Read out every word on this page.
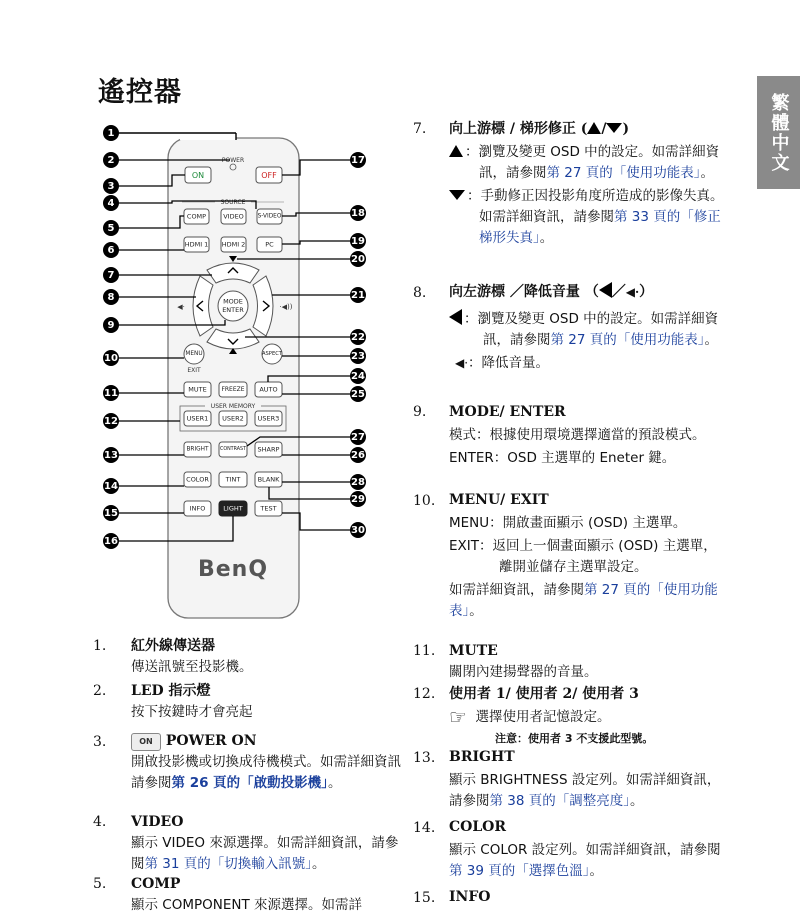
遙控器	繁體中文
POWER
ON	OFF
SOURCE
COMP	VIDEO S-VIDEO
HDMI 1 HDMI 2	PC
MODE
ENTER
◀·	·◀))
MENU
EXIT
ASPECT
MUTE FREEZE AUTO
USER MEMORY
USER1 USER2 USER3
BRIGHT CONTRAST SHARP
COLOR	TINT	BLANK
INFO	LIGHT	TEST
BenQ
1
2
3
4
5
6
7
8
9
10
11
12
13
14
15
16
17
18
19
20
21
22
23
24
25
27
26
28
29
30
1. 紅外線傳送器
傳送訊號至投影機。
2. LED 指示燈
按下按鍵時才會亮起
3.	ON POWER ON
開啟投影機或切換成待機模式。如需詳細資訊請參閱第 26 頁的「啟動投影機」。
4. VIDEO
顯示 VIDEO 來源選擇。如需詳細資訊，請參閱第 31 頁的「切換輸入訊號」。
5. COMP
顯示 COMPONENT 來源選擇。如需詳
7. 向上游標 / 梯形修正 ( / )
：瀏覽及變更 OSD 中的設定。如需詳細資訊，請參閱第 27 頁的「使用功能表」。
：手動修正因投影角度所造成的影像失真。如需詳細資訊，請參閱第 33 頁的「修正梯形失真」。
8. 向左游標 ／降低音量 （ ／◀·）
：瀏覽及變更 OSD 中的設定。如需詳細資訊，請參閱第 27 頁的「使用功能表」。
◀·：降低音量。
9. MODE/ ENTER
模式：根據使用環境選擇適當的預設模式。
ENTER：OSD 主選單的 Eneter 鍵。
10. MENU/ EXIT
MENU：開啟畫面顯示 (OSD) 主選單。
EXIT：返回上一個畫面顯示 (OSD) 主選單，離開並儲存主選單設定。
如需詳細資訊，請參閱第 27 頁的「使用功能表」。
11. MUTE
關閉內建揚聲器的音量。
12. 使用者 1/ 使用者 2/ 使用者 3
☞ 選擇使用者記憶設定。
注意：使用者 3 不支援此型號。
13. BRIGHT
顯示 BRIGHTNESS 設定列。如需詳細資訊，請參閱第 38 頁的「調整亮度」。
14. COLOR
顯示 COLOR 設定列。如需詳細資訊，請參閱第 39 頁的「選擇色溫」。
15. INFO
